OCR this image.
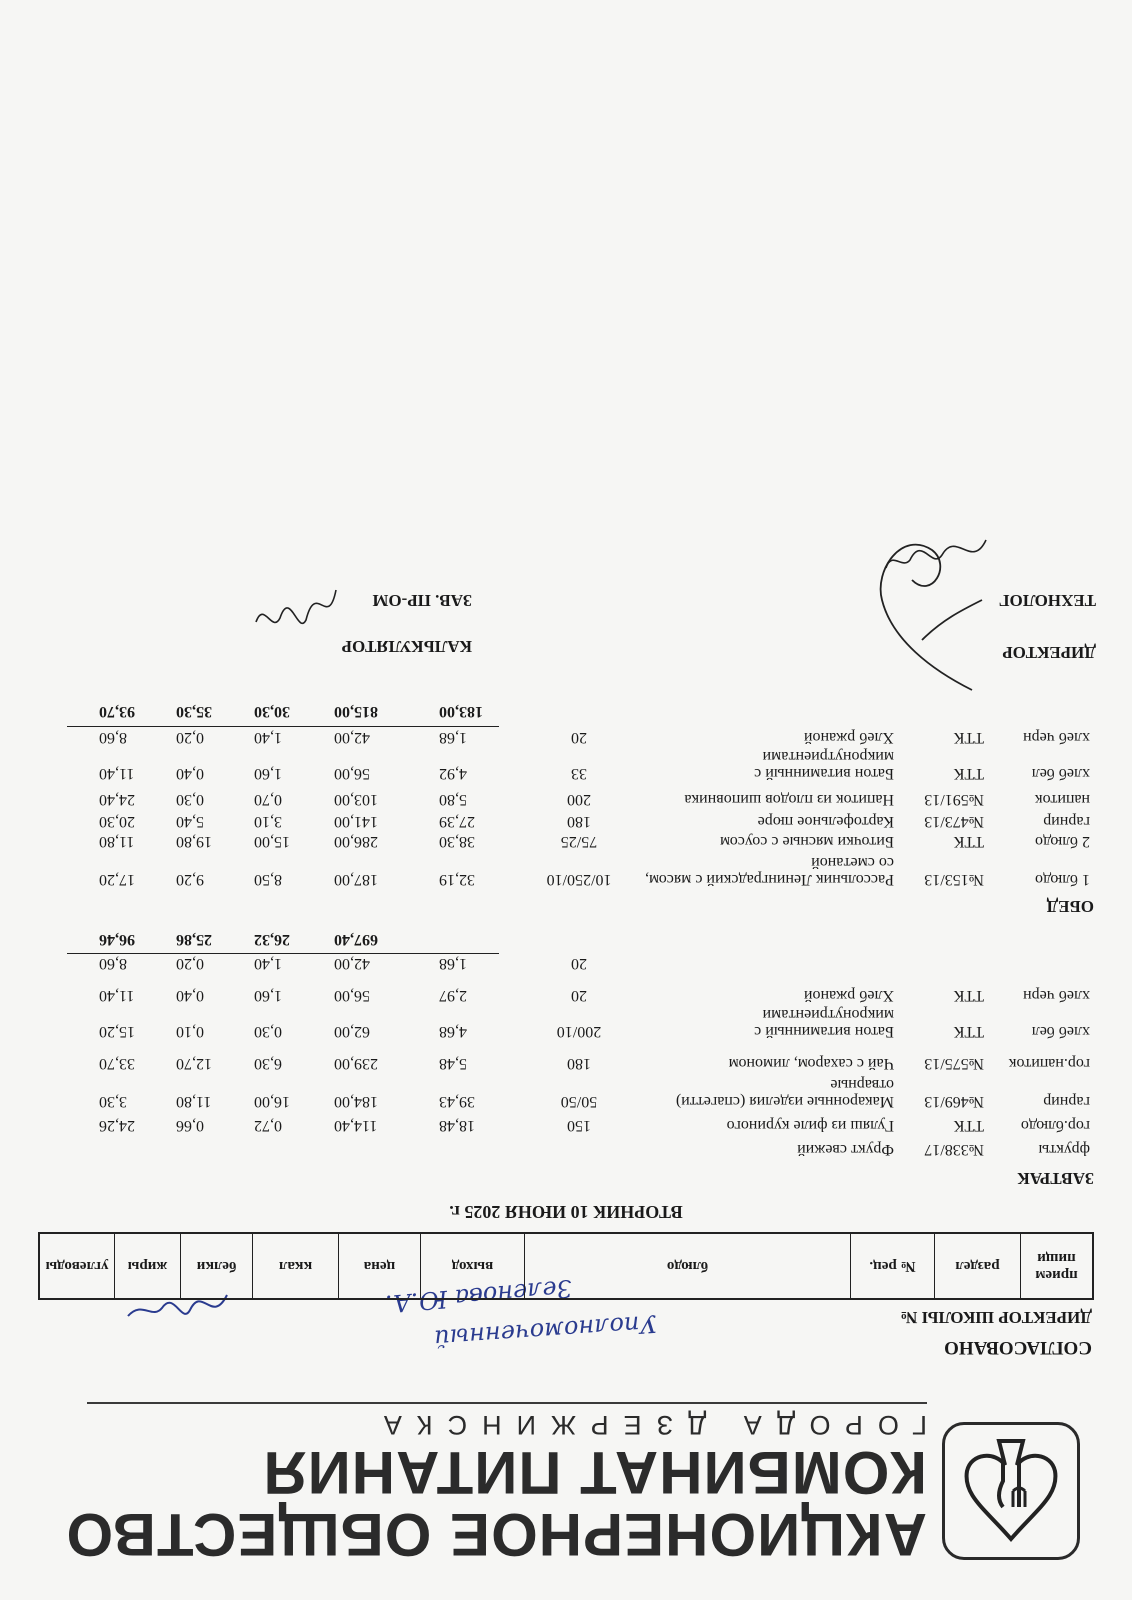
АКЦИОНЕРНОЕ ОБЩЕСТВО
КОМБИНАТ ПИТАНИЯ
ГОРОДА ДЗЕРЖИНСКА
СОГЛАСОВАНО
ДИРЕКТОР ШКОЛЫ №
Уполномоченный
Зеленова Ю.А.	прием пищи
раздел
№ рец.
блюдо
выход
цена
ккал
белки
жиры
углеводы
ВТОРНИК 10 ИЮНЯ 2025 г.
ЗАВТРАК
фрукты
№338/17
Фрукт свежий
гор.блюдо
ТТК
Гуляш из филе куриного
150
18,48
114,40
0,72
0,66
24,26
гарнир
№469/13
Макаронные изделия (спагетти) отварные
50/50
39,43
184,00
16,00
11,80
3,30
гор.напиток
№575/13
Чай с сахаром, лимоном
180
5,48
239,00
6,30
12,70
33,70
хлеб бел
ТТК
Батон витаминный с микронутриентами
200/10
4,68
62,00
0,30
0,10
15,20
хлеб черн
ТТК
Хлеб ржаной
20
2,97
56,00
1,60
0,40
11,40
20
1,68
42,00
1,40
0,20
8,60
697,40
26,32
25,86
96,46
ОБЕД
1 блюдо
№153/13
Рассольник Ленинградский с мясом, со сметаной
10/250/10
32,19
187,00
8,50
9,20
17,20
2 блюдо
ТТК
Биточки мясные с соусом
75/25
38,30
286,00
15,00
19,80
11,80
гарнир
№473/13
Картофельное пюре
180
27,39
141,00
3,10
5,40
20,30
напиток
№591/13
Напиток из плодов шиповника
200
5,80
103,00
0,70
0,30
24,40
хлеб бел
ТТК
Батон витаминный с микронутриентами
33
4,92
56,00
1,60
0,40
11,40
хлеб черн
ТТК
Хлеб ржаной
20
1,68
42,00
1,40
0,20
8,60
183,00
815,00
30,30
35,30
93,70
ДИРЕКТОР
ТЕХНОЛОГ
КАЛЬКУЛЯТОР
ЗАВ. ПР-ОМ
